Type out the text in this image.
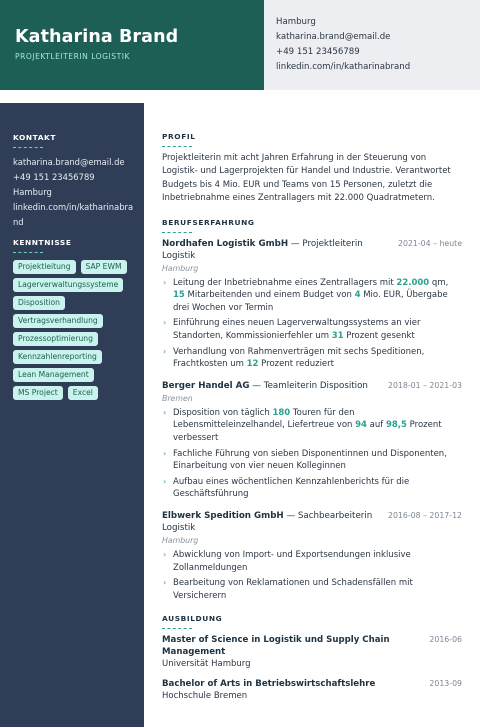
Katharina Brand
PROJEKTLEITERIN LOGISTIK
Hamburg
katharina.brand@email.de
+49 151 23456789
linkedin.com/in/katharinabrand
KONTAKT
katharina.brand@email.de
+49 151 23456789
Hamburg
linkedin.com/in/katharinabrand
KENNTNISSE
Projektleitung	SAP EWM
Lagerverwaltungssysteme
Disposition
Vertragsverhandlung
Prozessoptimierung
Kennzahlenreporting
Lean Management
MS Project	Excel
PROFIL

Projektleiterin mit acht Jahren Erfahrung in der Steuerung von Logistik- und Lagerprojekten für Handel und Industrie. Verantwortet Budgets bis 4 Mio. EUR und Teams von 15 Personen, zuletzt die Inbetriebnahme eines Zentrallagers mit 22.000 Quadratmetern.

BERUFSERFAHRUNG
Nordhafen Logistik GmbH — Projektleiterin Logistik
2021-04 – heute
Hamburg
› Leitung der Inbetriebnahme eines Zentrallagers mit 22.000 qm, 15 Mitarbeitenden und einem Budget von 4 Mio. EUR, Übergabe drei Wochen vor Termin
› Einführung eines neuen Lagerverwaltungssystems an vier Standorten, Kommissionierfehler um 31 Prozent gesenkt
› Verhandlung von Rahmenverträgen mit sechs Speditionen, Frachtkosten um 12 Prozent reduziert
Berger Handel AG — Teamleiterin Disposition	2018-01 – 2021-03
Bremen
› Disposition von täglich 180 Touren für den Lebensmitteleinzelhandel, Liefertreue von 94 auf 98,5 Prozent verbessert
› Fachliche Führung von sieben Disponentinnen und Disponenten, Einarbeitung von vier neuen Kolleginnen
› Aufbau eines wöchentlichen Kennzahlenberichts für die Geschäftsführung
Elbwerk Spedition GmbH — Sachbearbeiterin Logistik
2016-08 – 2017-12
Hamburg
› Abwicklung von Import- und Exportsendungen inklusive Zollanmeldungen
› Bearbeitung von Reklamationen und Schadensfällen mit Versicherern
AUSBILDUNG
Master of Science in Logistik und Supply Chain Management
2016-06
Universität Hamburg
Bachelor of Arts in Betriebswirtschaftslehre	2013-09
Hochschule Bremen
